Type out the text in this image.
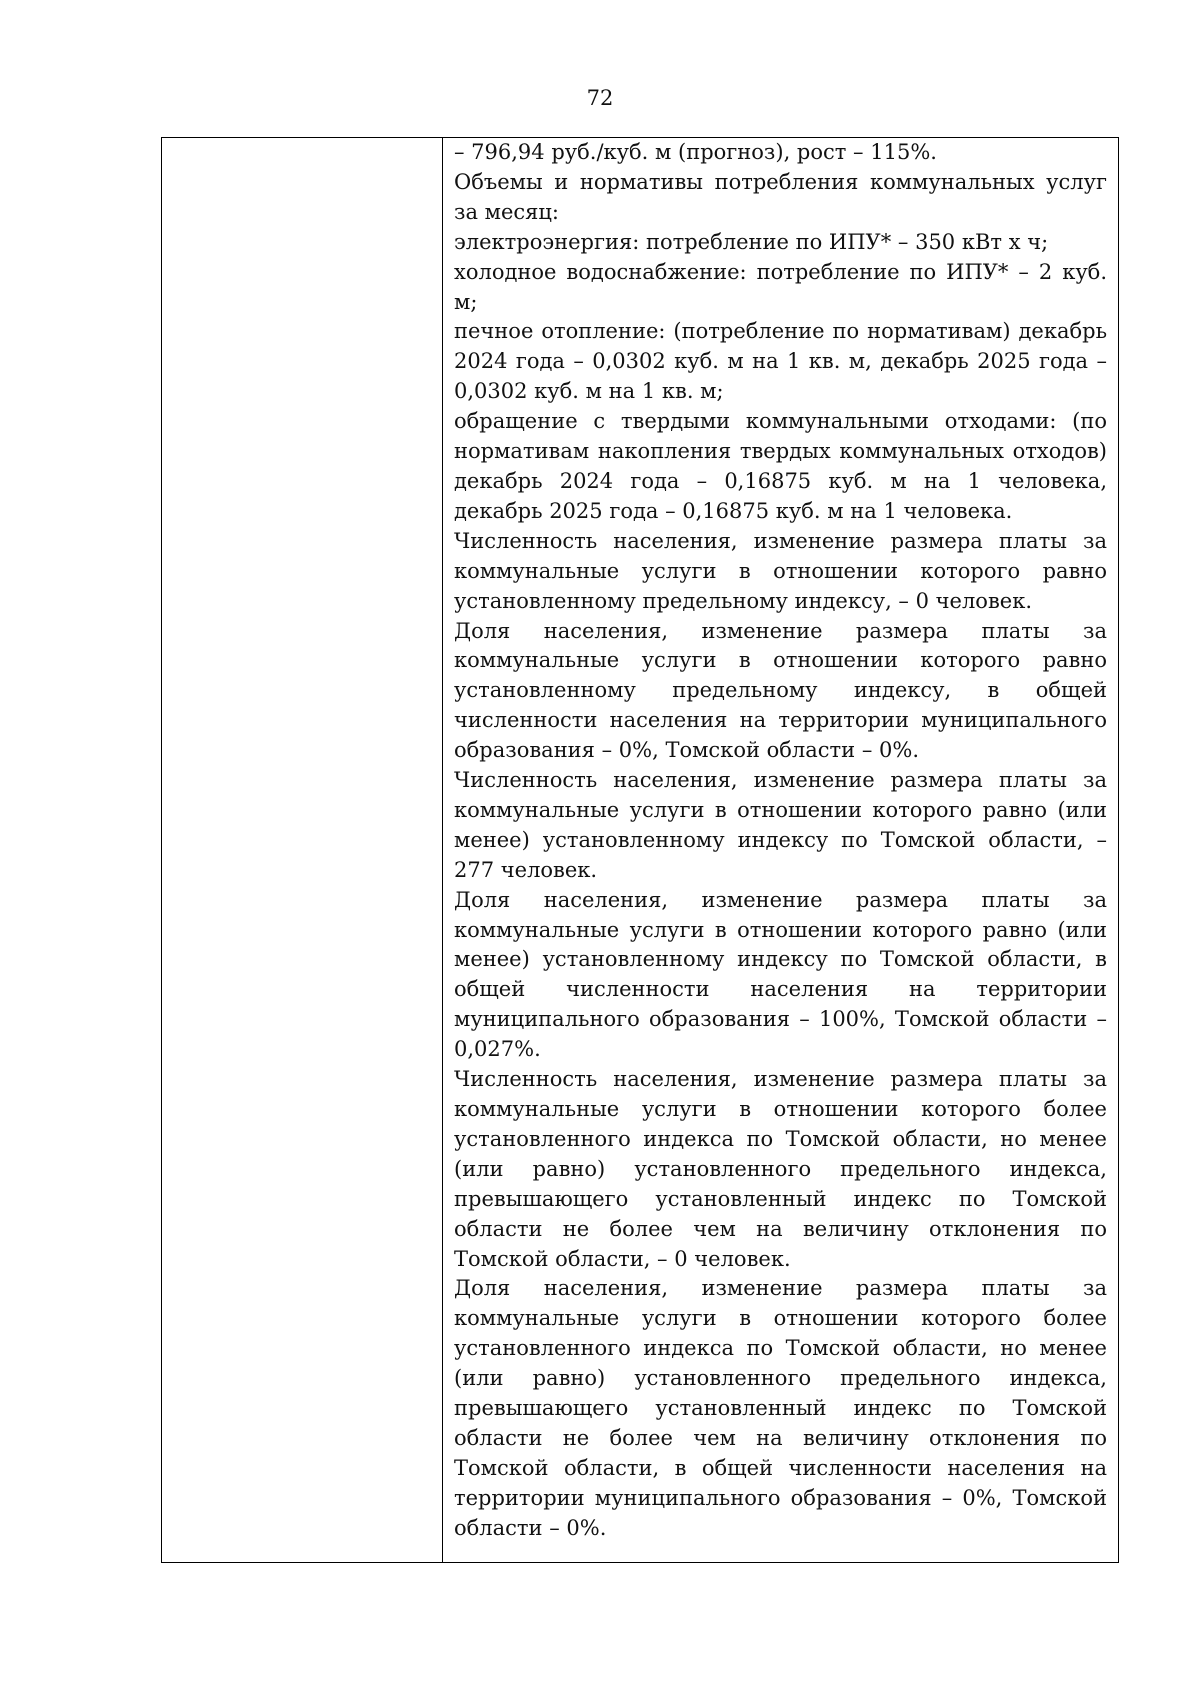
72

– 796,94 руб./куб. м (прогноз), рост – 115%.

Объемы и нормативы потребления коммунальных услуг за месяц:

электроэнергия: потребление по ИПУ* – 350 кВт х ч;

холодное водоснабжение: потребление по ИПУ* – 2 куб. м;

печное отопление: (потребление по нормативам) декабрь 2024 года – 0,0302 куб. м на 1 кв. м, декабрь 2025 года – 0,0302 куб. м на 1 кв. м;

обращение с твердыми коммунальными отходами: (по нормативам накопления твердых коммунальных отходов) декабрь 2024 года – 0,16875 куб. м на 1 человека, декабрь 2025 года – 0,16875 куб. м на 1 человека.

Численность населения, изменение размера платы за коммунальные услуги в отношении которого равно установленному предельному индексу, – 0 человек.

Доля населения, изменение размера платы за коммунальные услуги в отношении которого равно установленному предельному индексу, в общей численности населения на территории муниципального образования – 0%, Томской области – 0%.

Численность населения, изменение размера платы за коммунальные услуги в отношении которого равно (или менее) установленному индексу по Томской области, – 277 человек.

Доля населения, изменение размера платы за коммунальные услуги в отношении которого равно (или менее) установленному индексу по Томской области, в общей численности населения на территории муниципального образования – 100%, Томской области – 0,027%.

Численность населения, изменение размера платы за коммунальные услуги в отношении которого более установленного индекса по Томской области, но менее (или равно) установленного предельного индекса, превышающего установленный индекс по Томской области не более чем на величину отклонения по Томской области, – 0 человек.

Доля населения, изменение размера платы за коммунальные услуги в отношении которого более установленного индекса по Томской области, но менее (или равно) установленного предельного индекса, превышающего установленный индекс по Томской области не более чем на величину отклонения по Томской области, в общей численности населения на территории муниципального образования – 0%, Томской области – 0%.
